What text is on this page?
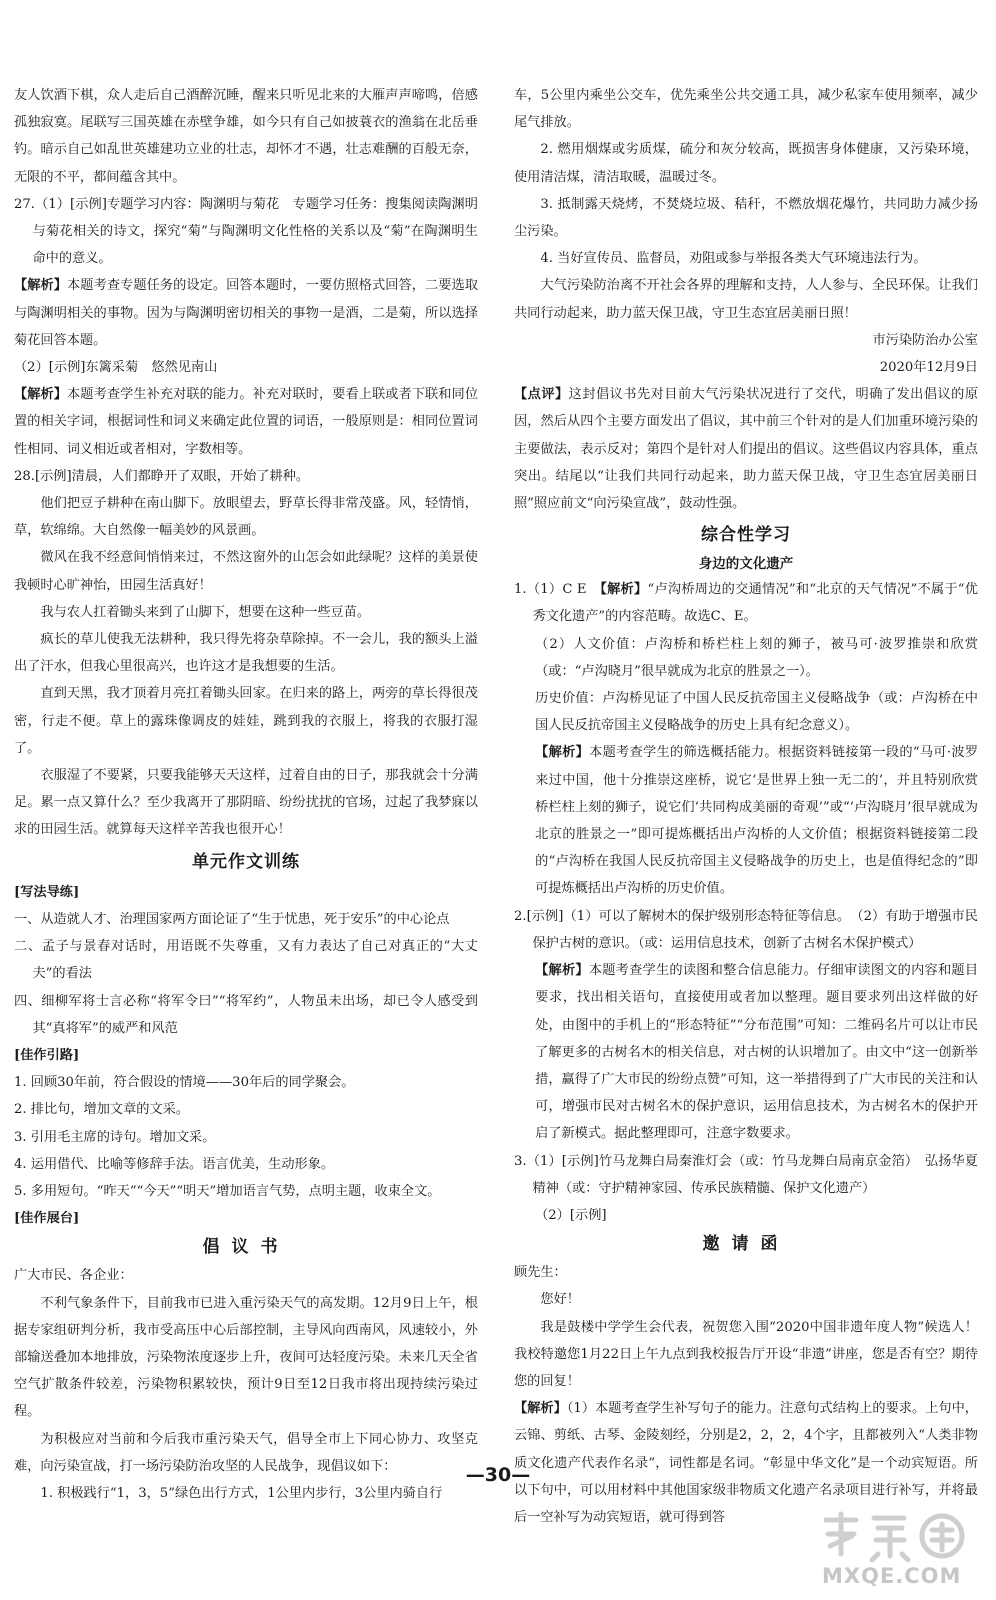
友人饮酒下棋，众人走后自己酒醉沉睡，醒来只听见北来的大雁声声啼鸣，倍感孤独寂寞。尾联写三国英雄在赤壁争雄，如今只有自己如披蓑衣的渔翁在北岳垂钓。暗示自己如乱世英雄建功立业的壮志，却怀才不遇，壮志难酬的百般无奈，无限的不平，都间蕴含其中。

27.（1）[示例]专题学习内容：陶渊明与菊花　专题学习任务：搜集阅读陶渊明与菊花相关的诗文，探究“菊”与陶渊明文化性格的关系以及“菊”在陶渊明生命中的意义。

【解析】本题考查专题任务的设定。回答本题时，一要仿照格式回答，二要选取与陶渊明相关的事物。因为与陶渊明密切相关的事物一是酒，二是菊，所以选择菊花回答本题。

（2）[示例]东篱采菊　悠然见南山

【解析】本题考查学生补充对联的能力。补充对联时，要看上联或者下联和同位置的相关字词，根据词性和词义来确定此位置的词语，一般原则是：相同位置词性相同、词义相近或者相对，字数相等。

28.[示例]清晨，人们都睁开了双眼，开始了耕种。

他们把豆子耕种在南山脚下。放眼望去，野草长得非常茂盛。风，轻情悄，草，软绵绵。大自然像一幅美妙的风景画。

微风在我不经意间悄悄来过，不然这窗外的山怎会如此绿呢？这样的美景使我顿时心旷神怡，田园生活真好！

我与农人扛着锄头来到了山脚下，想要在这种一些豆苗。

疯长的草儿使我无法耕种，我只得先将杂草除掉。不一会儿，我的额头上溢出了汗水，但我心里很高兴，也许这才是我想要的生活。

直到天黑，我才顶着月亮扛着锄头回家。在归来的路上，两旁的草长得很茂密，行走不便。草上的露珠像调皮的娃娃，跳到我的衣服上，将我的衣服打湿了。

衣服湿了不要紧，只要我能够天天这样，过着自由的日子，那我就会十分满足。累一点又算什么？至少我离开了那阴暗、纷纷扰扰的官场，过起了我梦寐以求的田园生活。就算每天这样辛苦我也很开心！

单元作文训练
[写法导练]

一、从造就人才、治理国家两方面论证了“生于忧患，死于安乐”的中心论点

二、孟子与景春对话时，用语既不失尊重，又有力表达了自己对真正的“大丈夫”的看法

四、细柳军将士言必称“将军令曰”“将军约”，人物虽未出场，却已令人感受到其“真将军”的威严和风范

[佳作引路]

1. 回顾30年前，符合假设的情境——30年后的同学聚会。

2. 排比句，增加文章的文采。

3. 引用毛主席的诗句。增加文采。

4. 运用借代、比喻等修辞手法。语言优美，生动形象。

5. 多用短句。“昨天”“今天”“明天”增加语言气势，点明主题，收束全文。

[佳作展台]
倡议书

广大市民、各企业：

不利气象条件下，目前我市已进入重污染天气的高发期。12月9日上午，根据专家组研判分析，我市受高压中心后部控制，主导风向西南风，风速较小，外部输送叠加本地排放，污染物浓度逐步上升，夜间可达轻度污染。未来几天全省空气扩散条件较差，污染物积累较快，预计9日至12日我市将出现持续污染过程。

为积极应对当前和今后我市重污染天气，倡导全市上下同心协力、攻坚克难，向污染宣战，打一场污染防治攻坚的人民战争，现倡议如下：

1. 积极践行“1，3，5”绿色出行方式，1公里内步行，3公里内骑自行

车，5公里内乘坐公交车，优先乘坐公共交通工具，减少私家车使用频率，减少尾气排放。

2. 燃用烟煤或劣质煤，硫分和灰分较高，既损害身体健康，又污染环境，使用清洁煤，清洁取暖，温暖过冬。

3. 抵制露天烧烤，不焚烧垃圾、秸秆，不燃放烟花爆竹，共同助力减少扬尘污染。

4. 当好宣传员、监督员，劝阻或参与举报各类大气环境违法行为。

大气污染防治离不开社会各界的理解和支持，人人参与、全民环保。让我们共同行动起来，助力蓝天保卫战，守卫生态宜居美丽日照！

市污染防治办公室

2020年12月9日

【点评】这封倡议书先对目前大气污染状况进行了交代，明确了发出倡议的原因，然后从四个主要方面发出了倡议，其中前三个针对的是人们加重环境污染的主要做法，表示反对；第四个是针对人们提出的倡议。这些倡议内容具体，重点突出。结尾以“让我们共同行动起来，助力蓝天保卫战，守卫生态宜居美丽日照”照应前文“向污染宣战”，鼓动性强。

综合性学习
身边的文化遗产

1.（1）C E　 【解析】“卢沟桥周边的交通情况”和“北京的天气情况”不属于“优秀文化遗产”的内容范畴。故选C、E。

（2）人文价值：卢沟桥和桥栏柱上刻的狮子，被马可·波罗推崇和欣赏（或：“卢沟晓月”很早就成为北京的胜景之一）。

历史价值：卢沟桥见证了中国人民反抗帝国主义侵略战争（或：卢沟桥在中国人民反抗帝国主义侵略战争的历史上具有纪念意义）。

【解析】本题考查学生的筛选概括能力。根据资料链接第一段的“马可·波罗来过中国，他十分推崇这座桥，说它‘是世界上独一无二的’，并且特别欣赏桥栏柱上刻的狮子，说它们‘共同构成美丽的奇观’”或“‘卢沟晓月’很早就成为北京的胜景之一”即可提炼概括出卢沟桥的人文价值；根据资料链接第二段的“卢沟桥在我国人民反抗帝国主义侵略战争的历史上，也是值得纪念的”即可提炼概括出卢沟桥的历史价值。

2.[示例]（1）可以了解树木的保护级别形态特征等信息。　（2）有助于增强市民保护古树的意识。（或：运用信息技术，创新了古树名木保护模式）

【解析】本题考查学生的读图和整合信息能力。仔细审读图文的内容和题目要求，找出相关语句，直接使用或者加以整理。题目要求列出这样做的好处，由图中的手机上的“形态特征”“分布范围”可知：二维码名片可以让市民了解更多的古树名木的相关信息，对古树的认识增加了。由文中“这一创新举措，赢得了广大市民的纷纷点赞”可知，这一举措得到了广大市民的关注和认可，增强市民对古树名木的保护意识，运用信息技术，为古树名木的保护开启了新模式。据此整理即可，注意字数要求。

3.（1）[示例]竹马龙舞白局秦淮灯会（或：竹马龙舞白局南京金箔）　弘扬华夏精神（或：守护精神家园、传承民族精髓、保护文化遗产）

（2）[示例]

邀请函

顾先生：

您好！

我是鼓楼中学学生会代表，祝贺您入围“2020中国非遗年度人物”候选人！我校特邀您1月22日上午九点到我校报告厅开设“非遗”讲座，您是否有空？期待您的回复！

【解析】（1）本题考查学生补写句子的能力。注意句式结构上的要求。上句中，云锦、剪纸、古琴、金陵刻经，分别是2，2，2，4个字，且都被列入“人类非物质文化遗产代表作名录”，词性都是名词。“彰显中华文化”是一个动宾短语。所以下句中，可以用材料中其他国家级非物质文化遗产名录项目进行补写，并将最后一空补写为动宾短语，就可得到答

—30—
MXQE.COM
